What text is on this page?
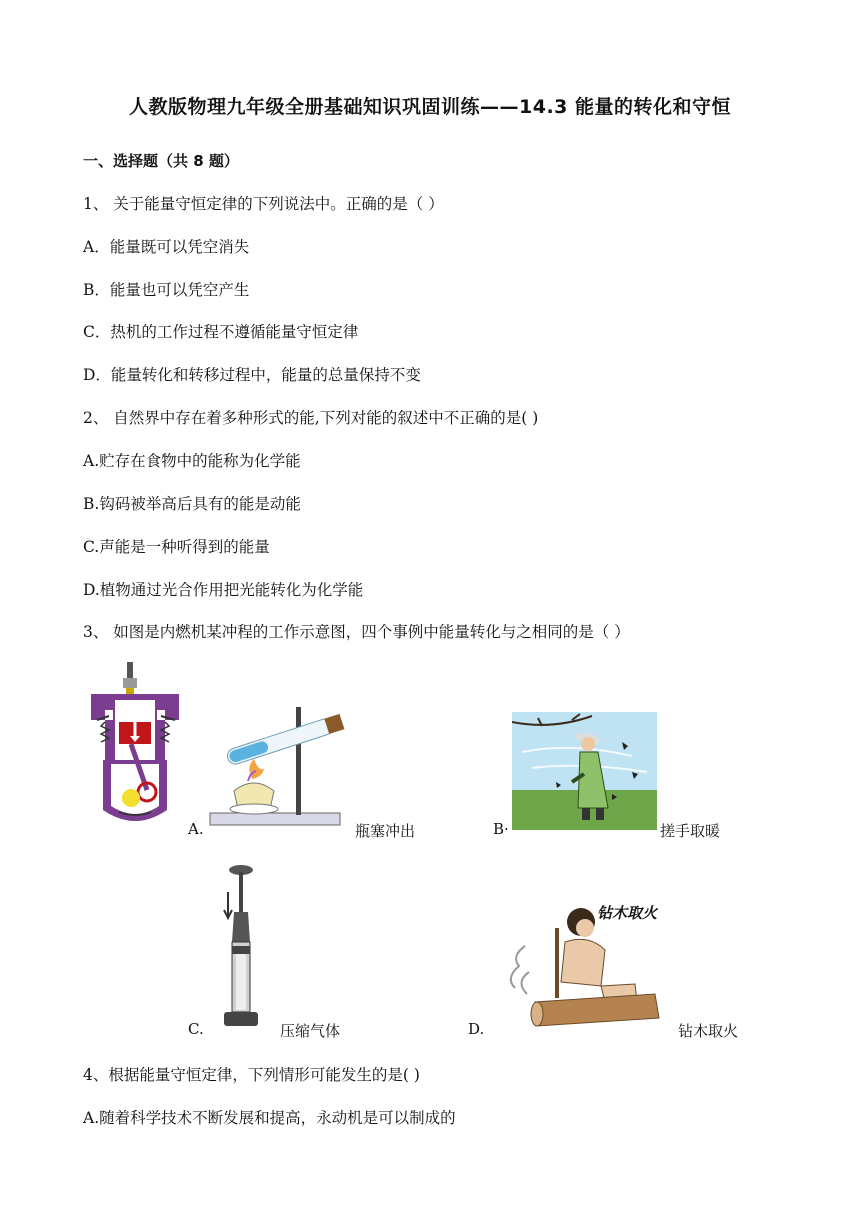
人教版物理九年级全册基础知识巩固训练——14.3 能量的转化和守恒
一、选择题（共 8 题）
1、 关于能量守恒定律的下列说法中。正确的是（ ）
A．能量既可以凭空消失
B．能量也可以凭空产生
C．热机的工作过程不遵循能量守恒定律
D．能量转化和转移过程中，能量的总量保持不变
2、 自然界中存在着多种形式的能,下列对能的叙述中不正确的是( )
A.贮存在食物中的能称为化学能
B.钩码被举高后具有的能是动能
C.声能是一种听得到的能量
D.植物通过光合作用把光能转化为化学能
3、 如图是内燃机某冲程的工作示意图，四个事例中能量转化与之相同的是（ ）
A.	瓶塞冲出	B·	搓手取暖
C.	压缩气体	D.
钻木取火
钻木取火
4、根据能量守恒定律，下列情形可能发生的是( )
A.随着科学技术不断发展和提高，永动机是可以制成的
